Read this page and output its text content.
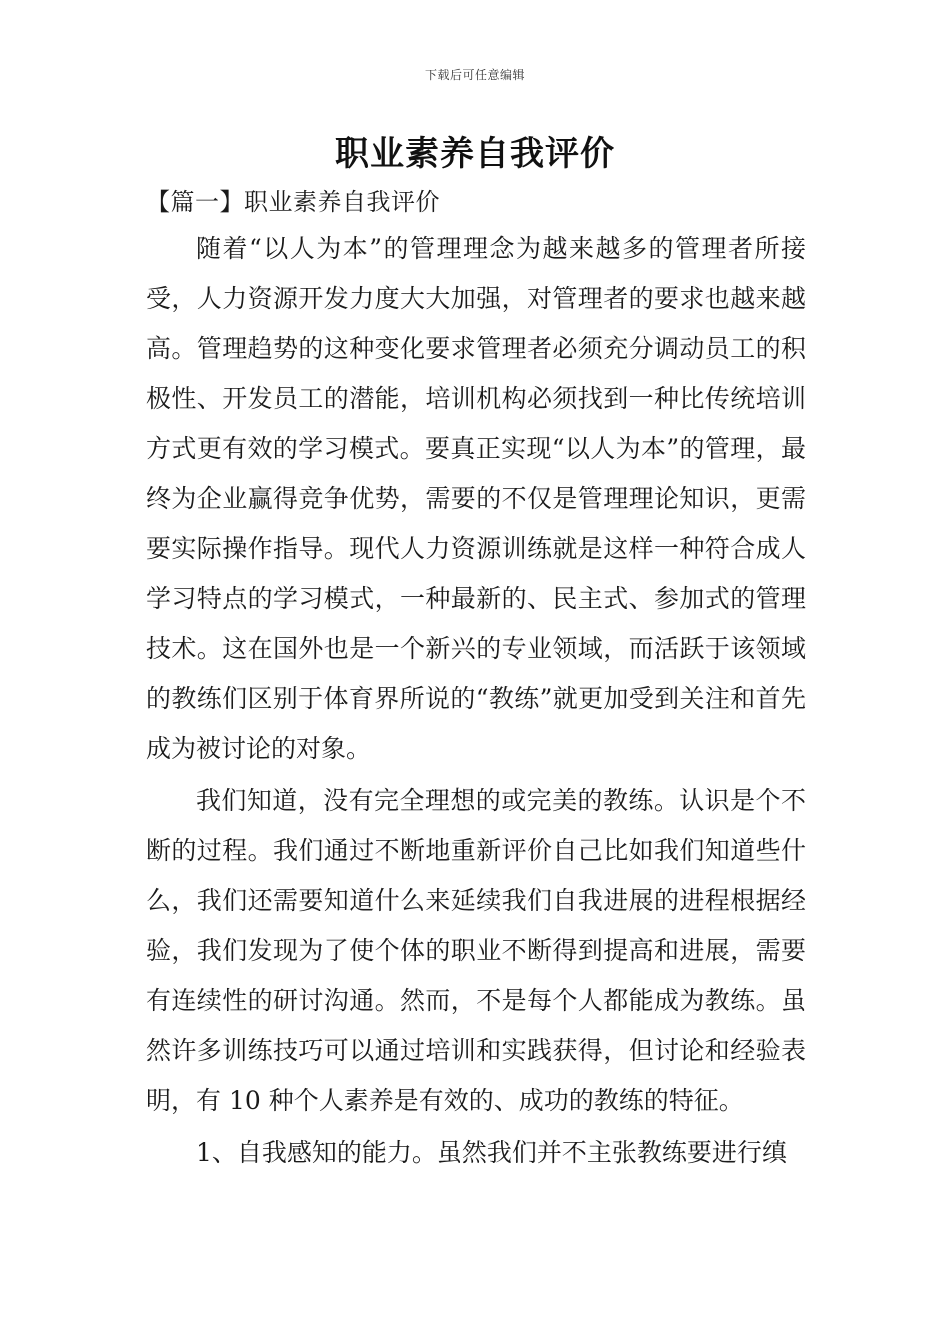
下载后可任意编辑
职业素养自我评价
【篇一】职业素养自我评价

随着“以人为本”的管理理念为越来越多的管理者所接受，人力资源开发力度大大加强，对管理者的要求也越来越高。管理趋势的这种变化要求管理者必须充分调动员工的积极性、开发员工的潜能，培训机构必须找到一种比传统培训方式更有效的学习模式。要真正实现“以人为本”的管理，最终为企业赢得竞争优势，需要的不仅是管理理论知识，更需要实际操作指导。现代人力资源训练就是这样一种符合成人学习特点的学习模式，一种最新的、民主式、参加式的管理技术。这在国外也是一个新兴的专业领域，而活跃于该领域的教练们区别于体育界所说的“教练”就更加受到关注和首先成为被讨论的对象。

我们知道，没有完全理想的或完美的教练。认识是个不断的过程。我们通过不断地重新评价自己比如我们知道些什么，我们还需要知道什么来延续我们自我进展的进程根据经验，我们发现为了使个体的职业不断得到提高和进展，需要有连续性的研讨沟通。然而，不是每个人都能成为教练。虽然许多训练技巧可以通过培训和实践获得，但讨论和经验表明，有 10 种个人素养是有效的、成功的教练的特征。

1、自我感知的能力。虽然我们并不主张教练要进行缜
